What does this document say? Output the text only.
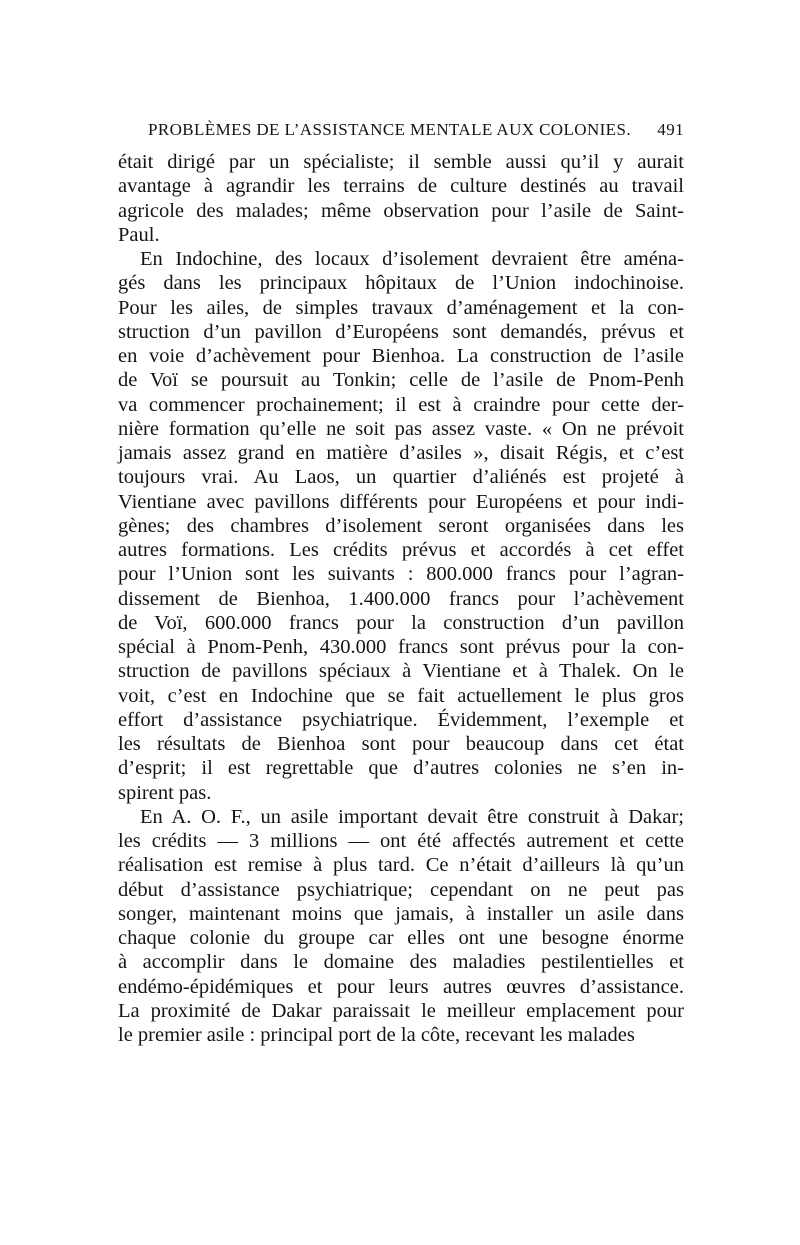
PROBLÈMES DE L’ASSISTANCE MENTALE AUX COLONIES. 491
était dirigé par un spécialiste; il semble aussi qu’il y aurait
avantage à agrandir les terrains de culture destinés au travail
agricole des malades; même observation pour l’asile de Saint-
Paul.
En Indochine, des locaux d’isolement devraient être aména-
gés dans les principaux hôpitaux de l’Union indochinoise.
Pour les ailes, de simples travaux d’aménagement et la con-
struction d’un pavillon d’Européens sont demandés, prévus et
en voie d’achèvement pour Bienhoa. La construction de l’asile
de Voï se poursuit au Tonkin; celle de l’asile de Pnom-Penh
va commencer prochainement; il est à craindre pour cette der-
nière formation qu’elle ne soit pas assez vaste. « On ne prévoit
jamais assez grand en matière d’asiles », disait Régis, et c’est
toujours vrai. Au Laos, un quartier d’aliénés est projeté à
Vientiane avec pavillons différents pour Européens et pour indi-
gènes; des chambres d’isolement seront organisées dans les
autres formations. Les crédits prévus et accordés à cet effet
pour l’Union sont les suivants : 800.000 francs pour l’agran-
dissement de Bienhoa, 1.400.000 francs pour l’achèvement
de Voï, 600.000 francs pour la construction d’un pavillon
spécial à Pnom-Penh, 430.000 francs sont prévus pour la con-
struction de pavillons spéciaux à Vientiane et à Thalek. On le
voit, c’est en Indochine que se fait actuellement le plus gros
effort d’assistance psychiatrique. Évidemment, l’exemple et
les résultats de Bienhoa sont pour beaucoup dans cet état
d’esprit; il est regrettable que d’autres colonies ne s’en in-
spirent pas.
En A. O. F., un asile important devait être construit à Dakar;
les crédits — 3 millions — ont été affectés autrement et cette
réalisation est remise à plus tard. Ce n’était d’ailleurs là qu’un
début d’assistance psychiatrique; cependant on ne peut pas
songer, maintenant moins que jamais, à installer un asile dans
chaque colonie du groupe car elles ont une besogne énorme
à accomplir dans le domaine des maladies pestilentielles et
endémo-épidémiques et pour leurs autres œuvres d’assistance.
La proximité de Dakar paraissait le meilleur emplacement pour
le premier asile : principal port de la côte, recevant les malades
